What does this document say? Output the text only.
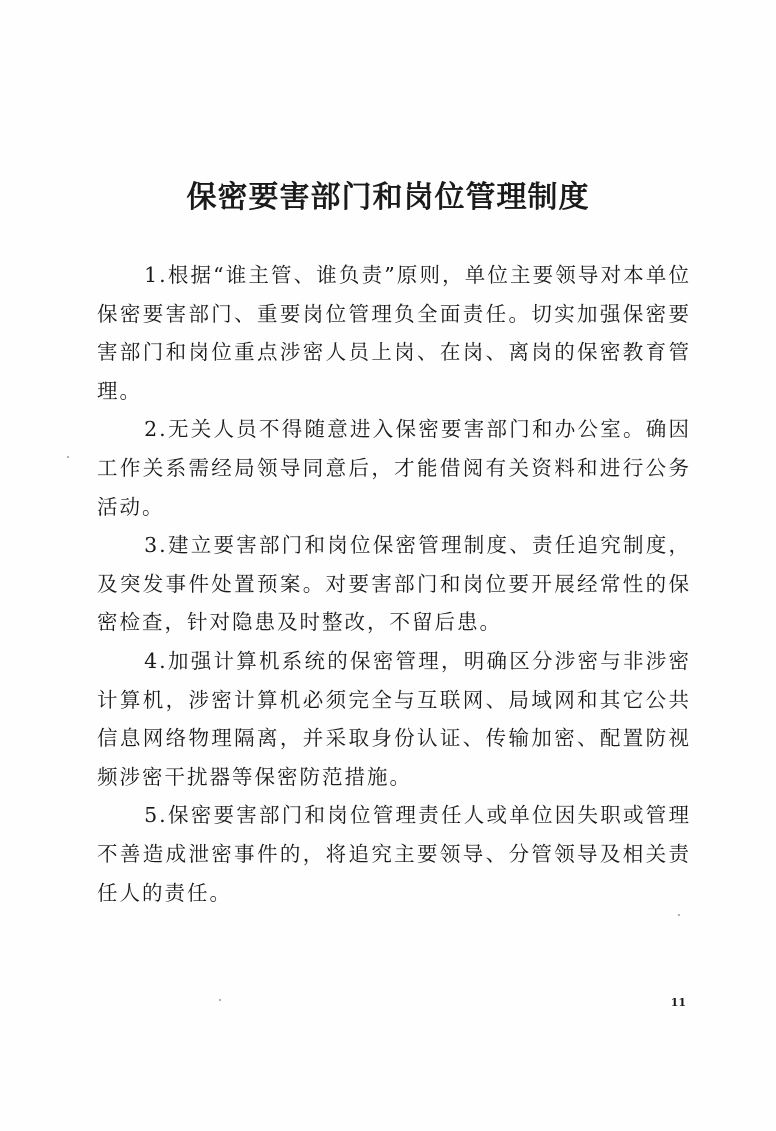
保密要害部门和岗位管理制度

1.根据“谁主管、谁负责”原则，单位主要领导对本单位保密要害部门、重要岗位管理负全面责任。切实加强保密要害部门和岗位重点涉密人员上岗、在岗、离岗的保密教育管理。

2.无关人员不得随意进入保密要害部门和办公室。确因工作关系需经局领导同意后，才能借阅有关资料和进行公务活动。

3.建立要害部门和岗位保密管理制度、责任追究制度，及突发事件处置预案。对要害部门和岗位要开展经常性的保密检查，针对隐患及时整改，不留后患。

4.加强计算机系统的保密管理，明确区分涉密与非涉密计算机，涉密计算机必须完全与互联网、局域网和其它公共信息网络物理隔离，并采取身份认证、传输加密、配置防视频涉密干扰器等保密防范措施。

5.保密要害部门和岗位管理责任人或单位因失职或管理不善造成泄密事件的，将追究主要领导、分管领导及相关责任人的责任。

11
